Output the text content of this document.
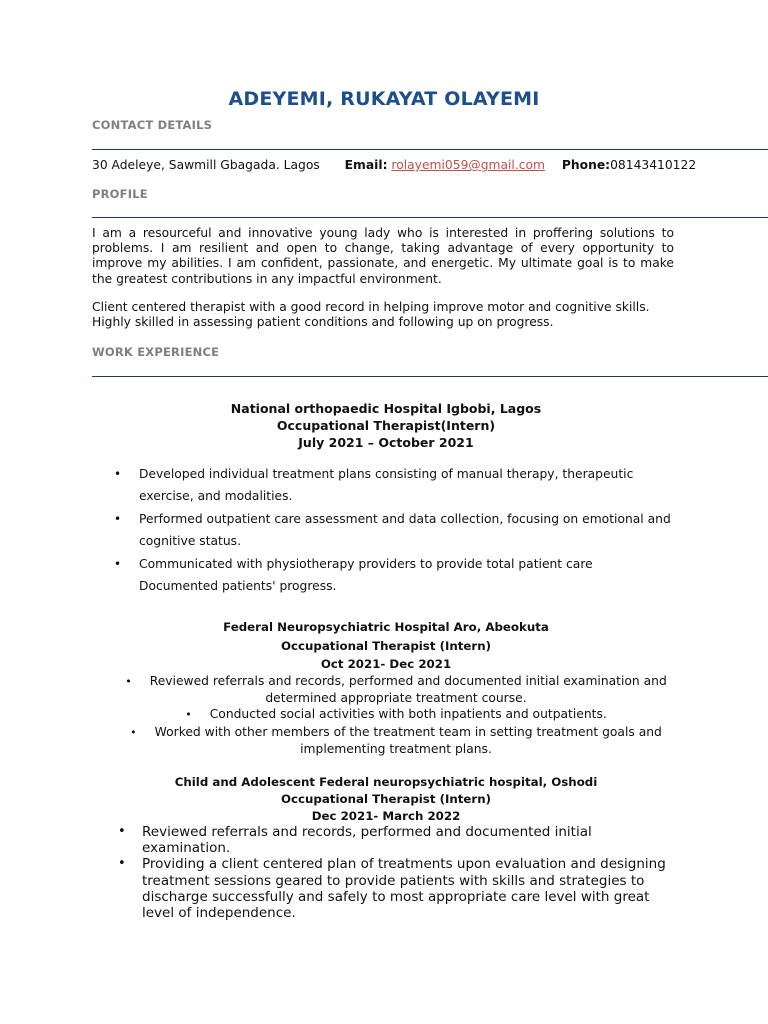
ADEYEMI, RUKAYAT OLAYEMI
CONTACT DETAILS
30 Adeleye, Sawmill Gbagada. Lagos Email: rolayemi059@gmail.com Phone:08143410122
PROFILE
I am a resourceful and innovative young lady who is interested in proffering solutions to problems. I am resilient and open to change, taking advantage of every opportunity to improve my abilities. I am confident, passionate, and energetic. My ultimate goal is to make the greatest contributions in any impactful environment.
Client centered therapist with a good record in helping improve motor and cognitive skills.
Highly skilled in assessing patient conditions and following up on progress.
WORK EXPERIENCE
National orthopaedic Hospital Igbobi, Lagos
Occupational Therapist(Intern)
July 2021 – October 2021
• Developed individual treatment plans consisting of manual therapy, therapeutic exercise, and modalities.
• Performed outpatient care assessment and data collection, focusing on emotional and cognitive status.
• Communicated with physiotherapy providers to provide total patient care Documented patients' progress.
Federal Neuropsychiatric Hospital Aro, Abeokuta
Occupational Therapist (Intern)
Oct 2021- Dec 2021
• Reviewed referrals and records, performed and documented initial examination and determined appropriate treatment course.
• Conducted social activities with both inpatients and outpatients.
• Worked with other members of the treatment team in setting treatment goals and implementing treatment plans.
Child and Adolescent Federal neuropsychiatric hospital, Oshodi
Occupational Therapist (Intern)
Dec 2021- March 2022
• Reviewed referrals and records, performed and documented initial examination.
• Providing a client centered plan of treatments upon evaluation and designing treatment sessions geared to provide patients with skills and strategies to discharge successfully and safely to most appropriate care level with great level of independence.
